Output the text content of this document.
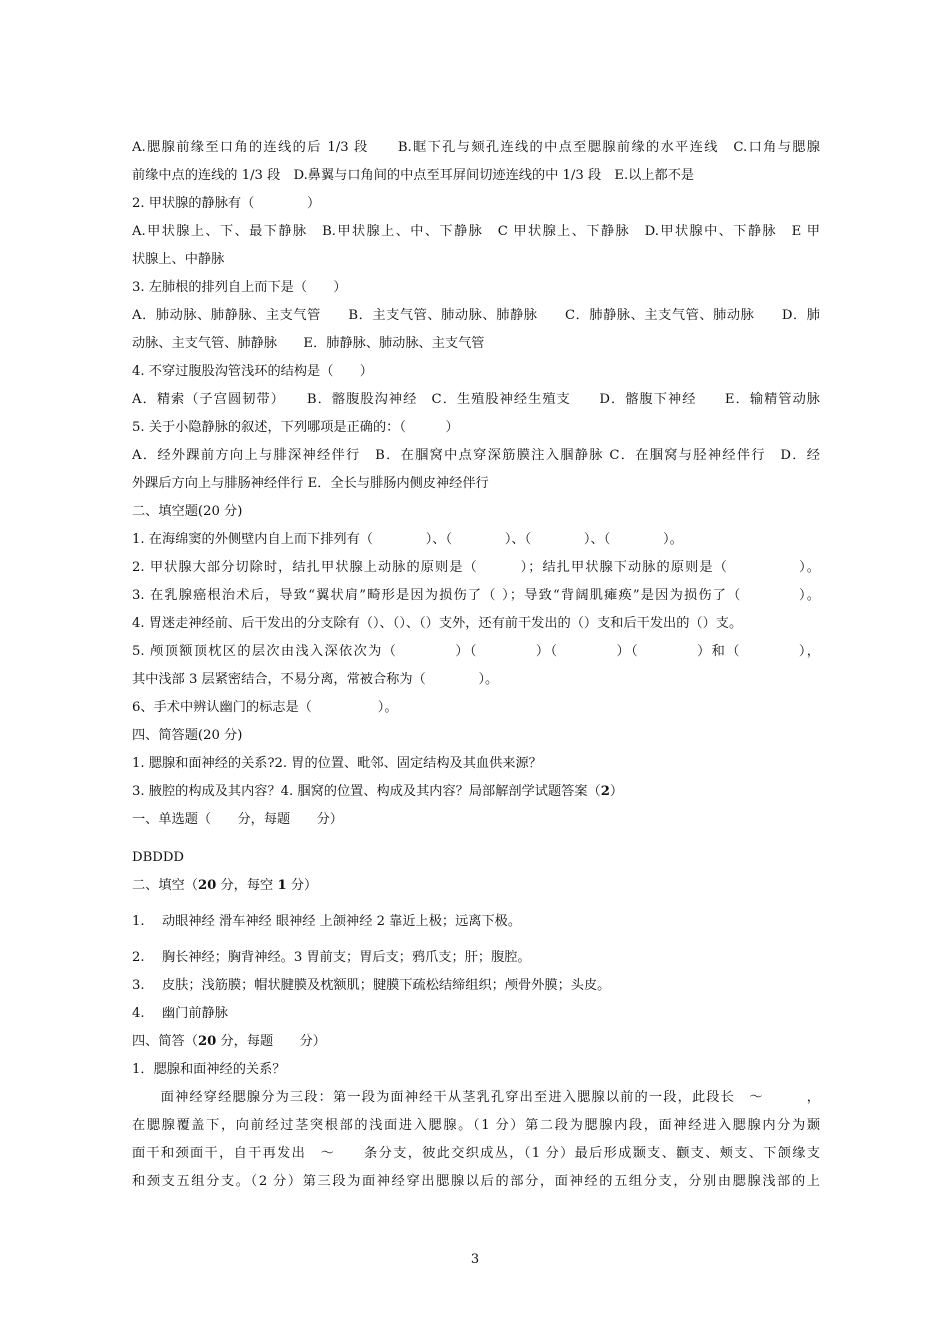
A.腮腺前缘至口角的连线的后 1/3 段　　B.眶下孔与颏孔连线的中点至腮腺前缘的水平连线　C.口角与腮腺
前缘中点的连线的 1/3 段　D.鼻翼与口角间的中点至耳屏间切迹连线的中 1/3 段　E.以上都不是
2. 甲状腺的静脉有（　　　　）
A.甲状腺上、下、最下静脉　B.甲状腺上、中、下静脉　C 甲状腺上、下静脉　D.甲状腺中、下静脉　E 甲
状腺上、中静脉
3. 左肺根的排列自上而下是（　　）
A．肺动脉、肺静脉、主支气管　　B．主支气管、肺动脉、肺静脉　　C．肺静脉、主支气管、肺动脉　　D．肺
动脉、主支气管、肺静脉　　E．肺静脉、肺动脉、主支气管
4. 不穿过腹股沟管浅环的结构是（　　）
A．精索（子宫圆韧带）　　B．髂腹股沟神经　C．生殖股神经生殖支　　D．髂腹下神经　　E．输精管动脉
5. 关于小隐静脉的叙述，下列哪项是正确的：（　　　）
A．经外踝前方向上与腓深神经伴行　B．在腘窝中点穿深筋膜注入腘静脉 C．在腘窝与胫神经伴行　D．经
外踝后方向上与腓肠神经伴行 E．全长与腓肠内侧皮神经伴行
二、填空题(20 分)
1. 在海绵窦的外侧壁内自上而下排列有（　　　　）、（　　　　）、（　　　　）、（　　　　）。
2. 甲状腺大部分切除时，结扎甲状腺上动脉的原则是（　　　）；结扎甲状腺下动脉的原则是（　　　　　）。
3. 在乳腺癌根治术后，导致“翼状肩”畸形是因为损伤了（ ）；导致“背阔肌瘫痪”是因为损伤了（　　　　）。
4. 胃迷走神经前、后干发出的分支除有（）、（）、（）支外，还有前干发出的（）支和后干发出的（）支。
5. 颅顶额顶枕区的层次由浅入深依次为（　　　　）（　　　　）（　　　　）（　　　　）和（　　　　），
其中浅部 3 层紧密结合，不易分离，常被合称为（　　　　）。
6、手术中辨认幽门的标志是（　　　　　）。
四、简答题(20 分)
1. 腮腺和面神经的关系?2. 胃的位置、毗邻、固定结构及其血供来源？
3. 腋腔的构成及其内容？4. 腘窝的位置、构成及其内容？局部解剖学试题答案（2）
一、单选题（　　分，每题　　分）
DBDDD
二、填空（20 分，每空 1 分）
1. 动眼神经 滑车神经 眼神经 上颌神经 2 靠近上极；远离下极。
2. 胸长神经；胸背神经。3 胃前支；胃后支；鸦爪支；肝；腹腔。
3. 皮肤；浅筋膜；帽状腱膜及枕额肌；腱膜下疏松结缔组织；颅骨外膜；头皮。
4. 幽门前静脉
四、简答（20 分，每题　　分）
1．腮腺和面神经的关系？
　　面神经穿经腮腺分为三段：第一段为面神经干从茎乳孔穿出至进入腮腺以前的一段，此段长　～　　　，
在腮腺覆盖下，向前经过茎突根部的浅面进入腮腺。（1 分）第二段为腮腺内段，面神经进入腮腺内分为颞
面干和颈面干，自干再发出　～　　条分支，彼此交织成丛，（1 分）最后形成颞支、颧支、颊支、下颌缘支
和颈支五组分支。（2 分）第三段为面神经穿出腮腺以后的部分，面神经的五组分支，分别由腮腺浅部的上
3
